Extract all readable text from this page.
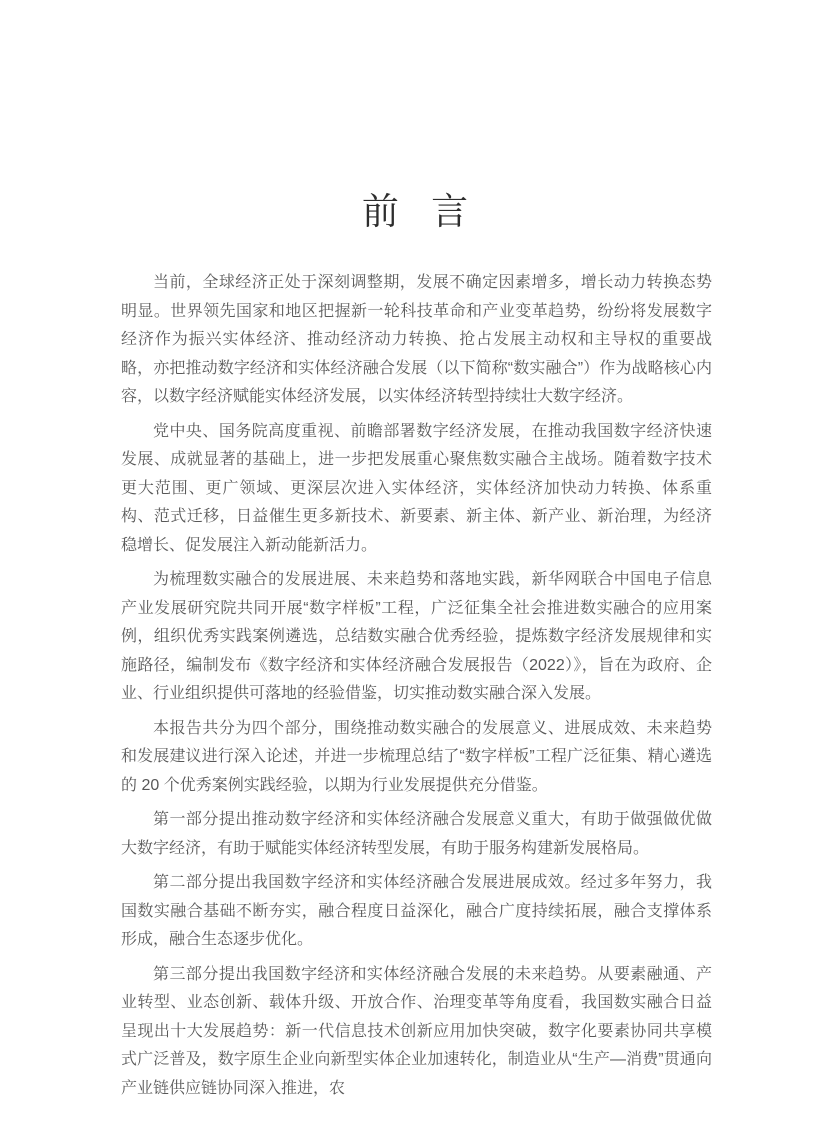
前 言

当前，全球经济正处于深刻调整期，发展不确定因素增多，增长动力转换态势明显。世界领先国家和地区把握新一轮科技革命和产业变革趋势，纷纷将发展数字经济作为振兴实体经济、推动经济动力转换、抢占发展主动权和主导权的重要战略，亦把推动数字经济和实体经济融合发展（以下简称“数实融合”）作为战略核心内容，以数字经济赋能实体经济发展，以实体经济转型持续壮大数字经济。

党中央、国务院高度重视、前瞻部署数字经济发展，在推动我国数字经济快速发展、成就显著的基础上，进一步把发展重心聚焦数实融合主战场。随着数字技术更大范围、更广领域、更深层次进入实体经济，实体经济加快动力转换、体系重构、范式迁移，日益催生更多新技术、新要素、新主体、新产业、新治理，为经济稳增长、促发展注入新动能新活力。

为梳理数实融合的发展进展、未来趋势和落地实践，新华网联合中国电子信息产业发展研究院共同开展“数字样板”工程，广泛征集全社会推进数实融合的应用案例，组织优秀实践案例遴选，总结数实融合优秀经验，提炼数字经济发展规律和实施路径，编制发布《数字经济和实体经济融合发展报告（2022）》，旨在为政府、企业、行业组织提供可落地的经验借鉴，切实推动数实融合深入发展。

本报告共分为四个部分，围绕推动数实融合的发展意义、进展成效、未来趋势和发展建议进行深入论述，并进一步梳理总结了“数字样板”工程广泛征集、精心遴选的 20 个优秀案例实践经验，以期为行业发展提供充分借鉴。

第一部分提出推动数字经济和实体经济融合发展意义重大，有助于做强做优做大数字经济，有助于赋能实体经济转型发展，有助于服务构建新发展格局。

第二部分提出我国数字经济和实体经济融合发展进展成效。经过多年努力，我国数实融合基础不断夯实，融合程度日益深化，融合广度持续拓展，融合支撑体系形成，融合生态逐步优化。

第三部分提出我国数字经济和实体经济融合发展的未来趋势。从要素融通、产业转型、业态创新、载体升级、开放合作、治理变革等角度看，我国数实融合日益呈现出十大发展趋势：新一代信息技术创新应用加快突破，数字化要素协同共享模式广泛普及，数字原生企业向新型实体企业加速转化，制造业从“生产—消费”贯通向产业链供应链协同深入推进，农
